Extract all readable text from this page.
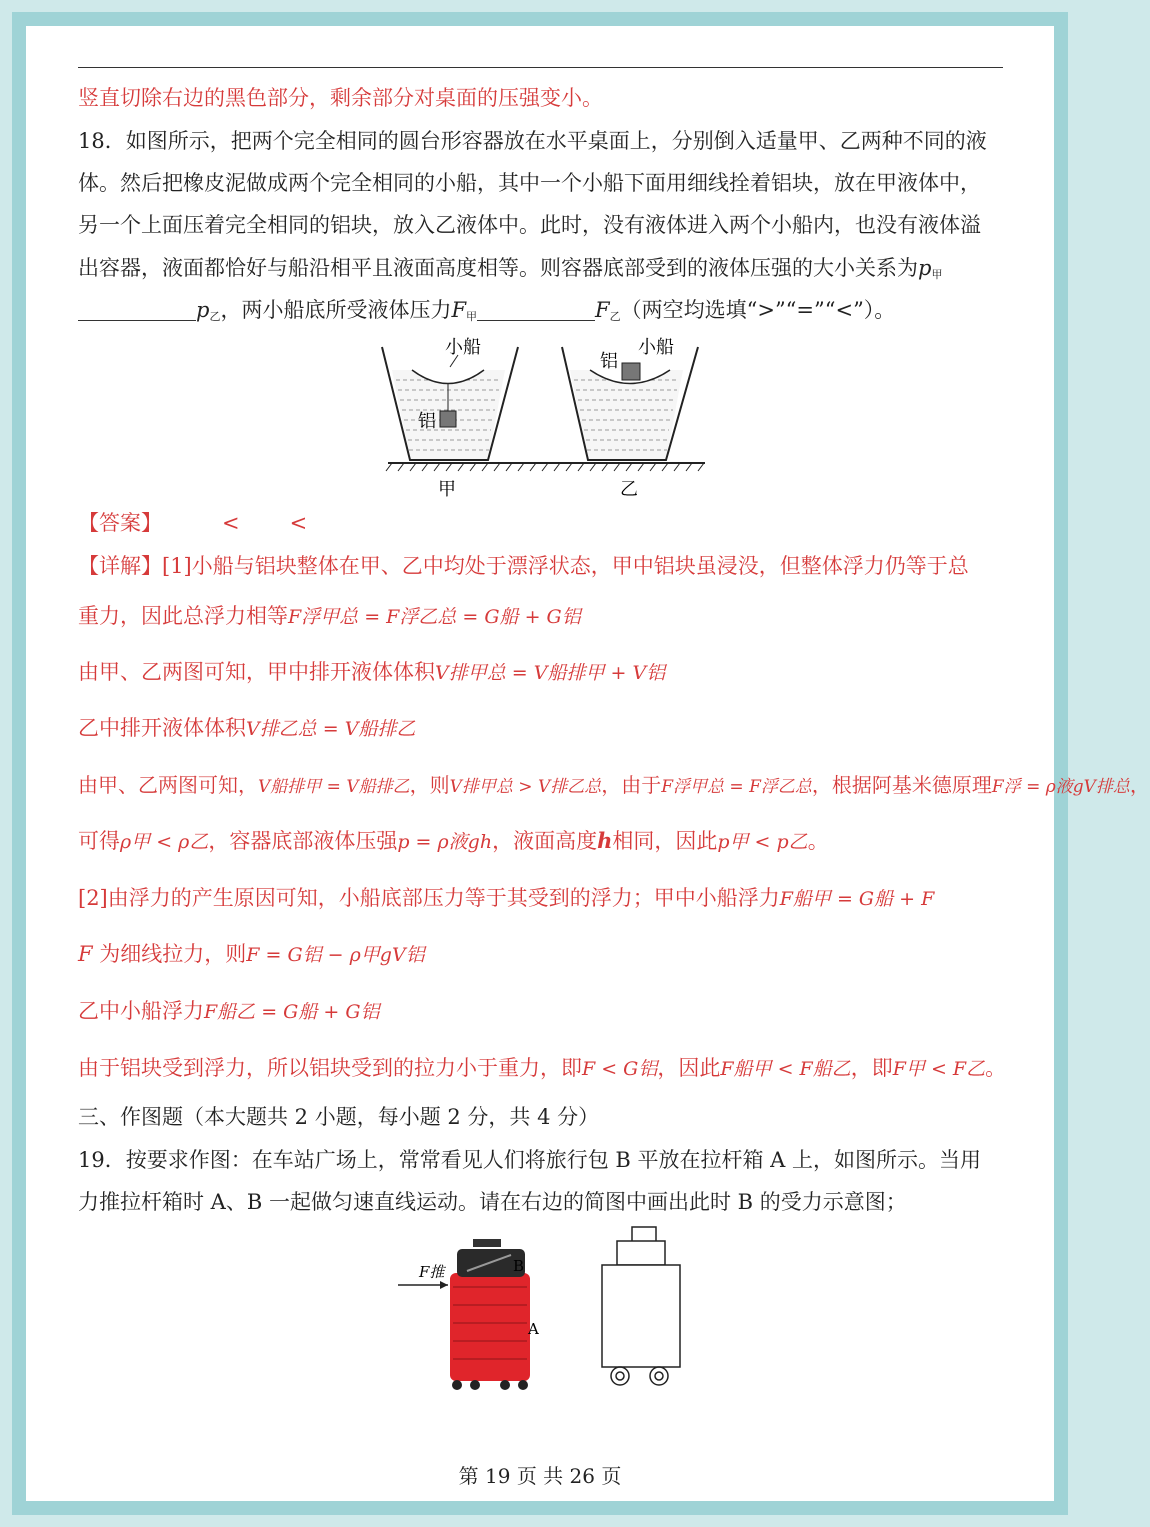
竖直切除右边的黑色部分，剩余部分对桌面的压强变小。
18．如图所示，把两个完全相同的圆台形容器放在水平桌面上，分别倒入适量甲、乙两种不同的液
体。然后把橡皮泥做成两个完全相同的小船，其中一个小船下面用细线拴着铝块，放在甲液体中，
另一个上面压着完全相同的铝块，放入乙液体中。此时，没有液体进入两个小船内，也没有液体溢
出容器，液面都恰好与船沿相平且液面高度相等。则容器底部受到的液体压强的大小关系为$p_甲$
$p_乙$，两小船底所受液体压力$F_甲$	$F_乙$（两空均选填“>”“=”“<”）。
小船
铝
小船
铝
甲	乙
【答案】	< <
【详解】[1]小船与铝块整体在甲、乙中均处于漂浮状态，甲中铝块虽浸没，但整体浮力仍等于总
重力，因此总浮力相等F浮甲总 = F浮乙总 = G船 + G铝
由甲、乙两图可知，甲中排开液体体积V排甲总 = V船排甲 + V铝
乙中排开液体体积V排乙总 = V船排乙
由甲、乙两图可知，V船排甲 = V船排乙，则V排甲总 > V排乙总，由于F浮甲总 = F浮乙总，根据阿基米德原理F浮 = ρ液gV排总，
可得ρ甲 < ρ乙，容器底部液体压强p = ρ液gh，液面高度h相同，因此p甲 < p乙。
[2]由浮力的产生原因可知，小船底部压力等于其受到的浮力；甲中小船浮力F船甲 = G船 + F
F 为细线拉力，则F = G铝 − ρ甲gV铝
乙中小船浮力F船乙 = G船 + G铝
由于铝块受到浮力，所以铝块受到的拉力小于重力，即F < G铝，因此F船甲 < F船乙，即F甲 < F乙。
三、作图题（本大题共 2 小题，每小题 2 分，共 4 分）
19．按要求作图：在车站广场上，常常看见人们将旅行包 B 平放在拉杆箱 A 上，如图所示。当用
力推拉杆箱时 A、B 一起做匀速直线运动。请在右边的简图中画出此时 B 的受力示意图；
F推	B
A
第 19 页 共 26 页
